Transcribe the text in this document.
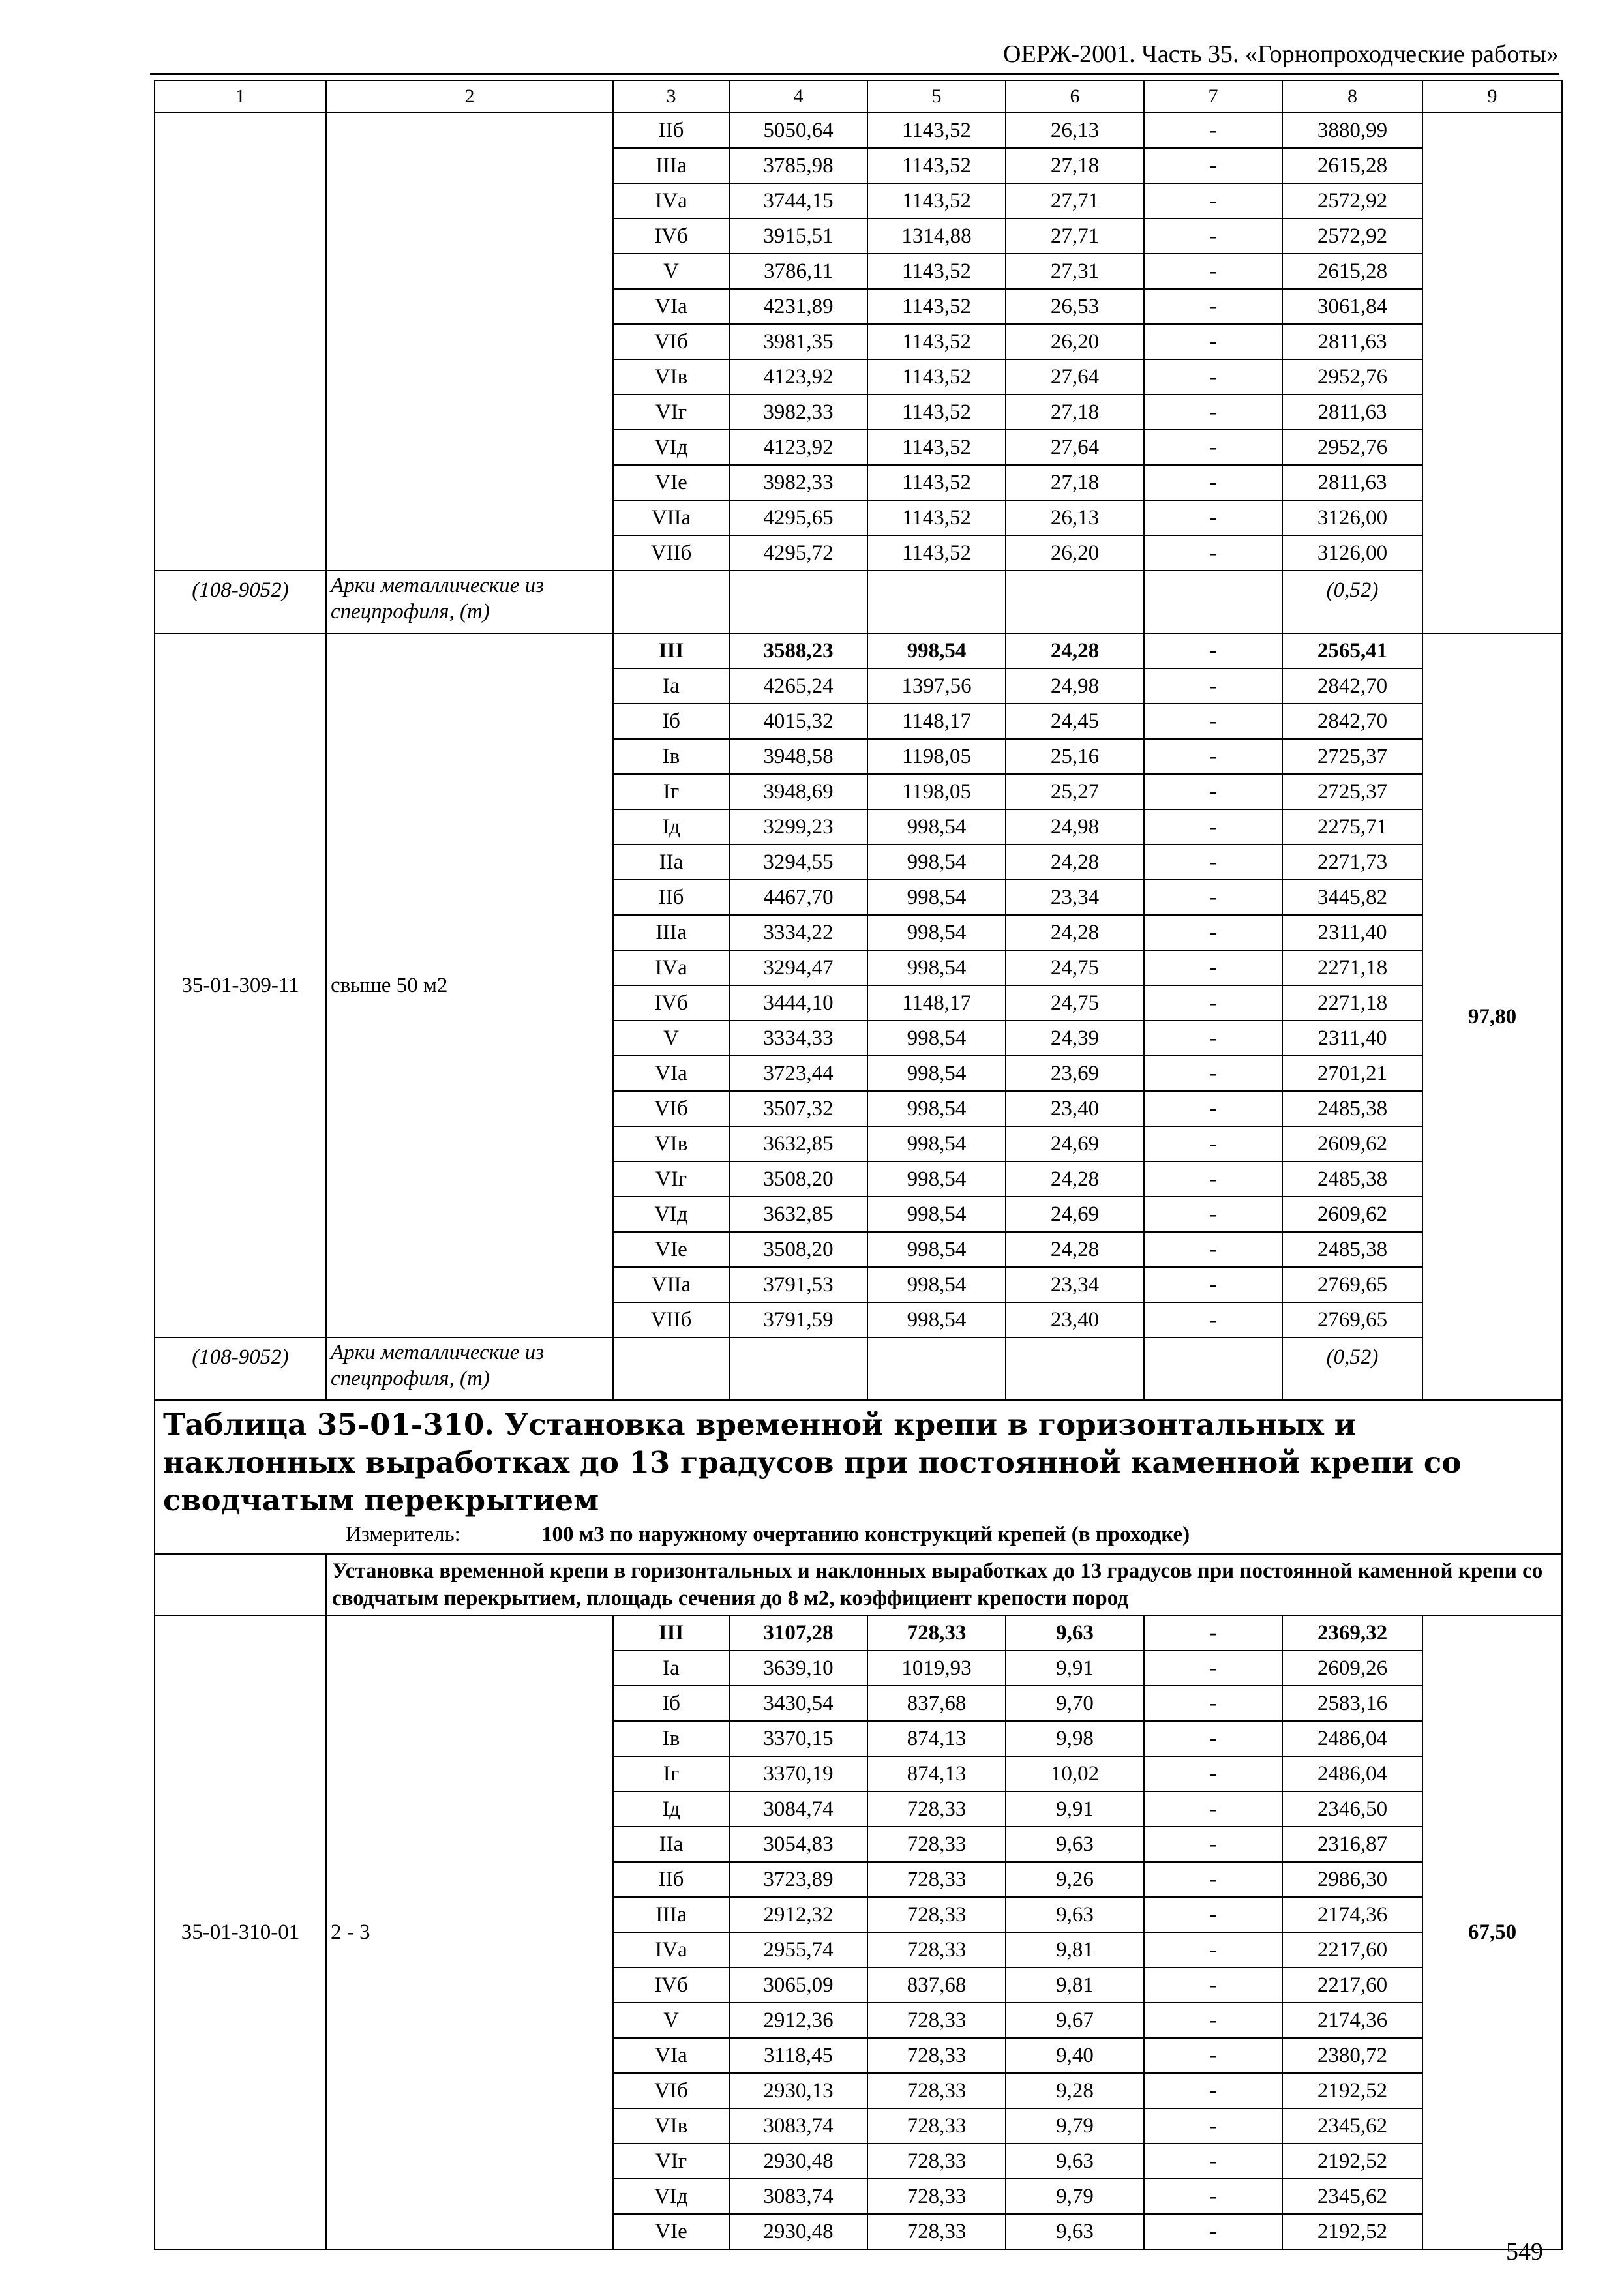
ОЕРЖ-2001. Часть 35. «Горнопроходческие работы»
1	2	3	4	5	6	7	8	9
		IIб	5050,64	1143,52	26,13	-	3880,99	
		IIIа	3785,98	1143,52	27,18	-	2615,28	
		IVа	3744,15	1143,52	27,71	-	2572,92	
		IVб	3915,51	1314,88	27,71	-	2572,92	
		V	3786,11	1143,52	27,31	-	2615,28	
		VIа	4231,89	1143,52	26,53	-	3061,84	
		VIб	3981,35	1143,52	26,20	-	2811,63	
		VIв	4123,92	1143,52	27,64	-	2952,76	
		VIг	3982,33	1143,52	27,18	-	2811,63	
		VIд	4123,92	1143,52	27,64	-	2952,76	
		VIе	3982,33	1143,52	27,18	-	2811,63	
		VIIа	4295,65	1143,52	26,13	-	3126,00	
		VIIб	4295,72	1143,52	26,20	-	3126,00	
(108-9052)	Арки металлические из спецпрофиля, (т)						(0,52)	
35-01-309-11	свыше 50 м2	III	3588,23	998,54	24,28	-	2565,41	97,80
		Iа	4265,24	1397,56	24,98	-	2842,70	
		Iб	4015,32	1148,17	24,45	-	2842,70	
		Iв	3948,58	1198,05	25,16	-	2725,37	
		Iг	3948,69	1198,05	25,27	-	2725,37	
		Iд	3299,23	998,54	24,98	-	2275,71	
		IIа	3294,55	998,54	24,28	-	2271,73	
		IIб	4467,70	998,54	23,34	-	3445,82	
		IIIа	3334,22	998,54	24,28	-	2311,40	
		IVа	3294,47	998,54	24,75	-	2271,18	
		IVб	3444,10	1148,17	24,75	-	2271,18	
		V	3334,33	998,54	24,39	-	2311,40	
		VIа	3723,44	998,54	23,69	-	2701,21	
		VIб	3507,32	998,54	23,40	-	2485,38	
		VIв	3632,85	998,54	24,69	-	2609,62	
		VIг	3508,20	998,54	24,28	-	2485,38	
		VIд	3632,85	998,54	24,69	-	2609,62	
		VIе	3508,20	998,54	24,28	-	2485,38	
		VIIа	3791,53	998,54	23,34	-	2769,65	
		VIIб	3791,59	998,54	23,40	-	2769,65	
(108-9052)	Арки металлические из спецпрофиля, (т)						(0,52)	

Таблица 35-01-310. Установка временной крепи в горизонтальных и наклонных выработках до 13 градусов при постоянной каменной крепи со сводчатым перекрытием
Измеритель: 100 м3 по наружному очертанию конструкций крепей (в проходке)								

	Установка временной крепи в горизонтальных и наклонных выработках до 13 градусов при постоянной каменной крепи со сводчатым перекрытием, площадь сечения до 8 м2, коэффициент крепости пород							
35-01-310-01	2 - 3	III	3107,28	728,33	9,63	-	2369,32	67,50
		Iа	3639,10	1019,93	9,91	-	2609,26	
		Iб	3430,54	837,68	9,70	-	2583,16	
		Iв	3370,15	874,13	9,98	-	2486,04	
		Iг	3370,19	874,13	10,02	-	2486,04	
		Iд	3084,74	728,33	9,91	-	2346,50	
		IIа	3054,83	728,33	9,63	-	2316,87	
		IIб	3723,89	728,33	9,26	-	2986,30	
		IIIа	2912,32	728,33	9,63	-	2174,36	
		IVа	2955,74	728,33	9,81	-	2217,60	
		IVб	3065,09	837,68	9,81	-	2217,60	
		V	2912,36	728,33	9,67	-	2174,36	
		VIа	3118,45	728,33	9,40	-	2380,72	
		VIб	2930,13	728,33	9,28	-	2192,52	
		VIв	3083,74	728,33	9,79	-	2345,62	
		VIг	2930,48	728,33	9,63	-	2192,52	
		VIд	3083,74	728,33	9,79	-	2345,62	
		VIе	2930,48	728,33	9,63	-	2192,52	
549
